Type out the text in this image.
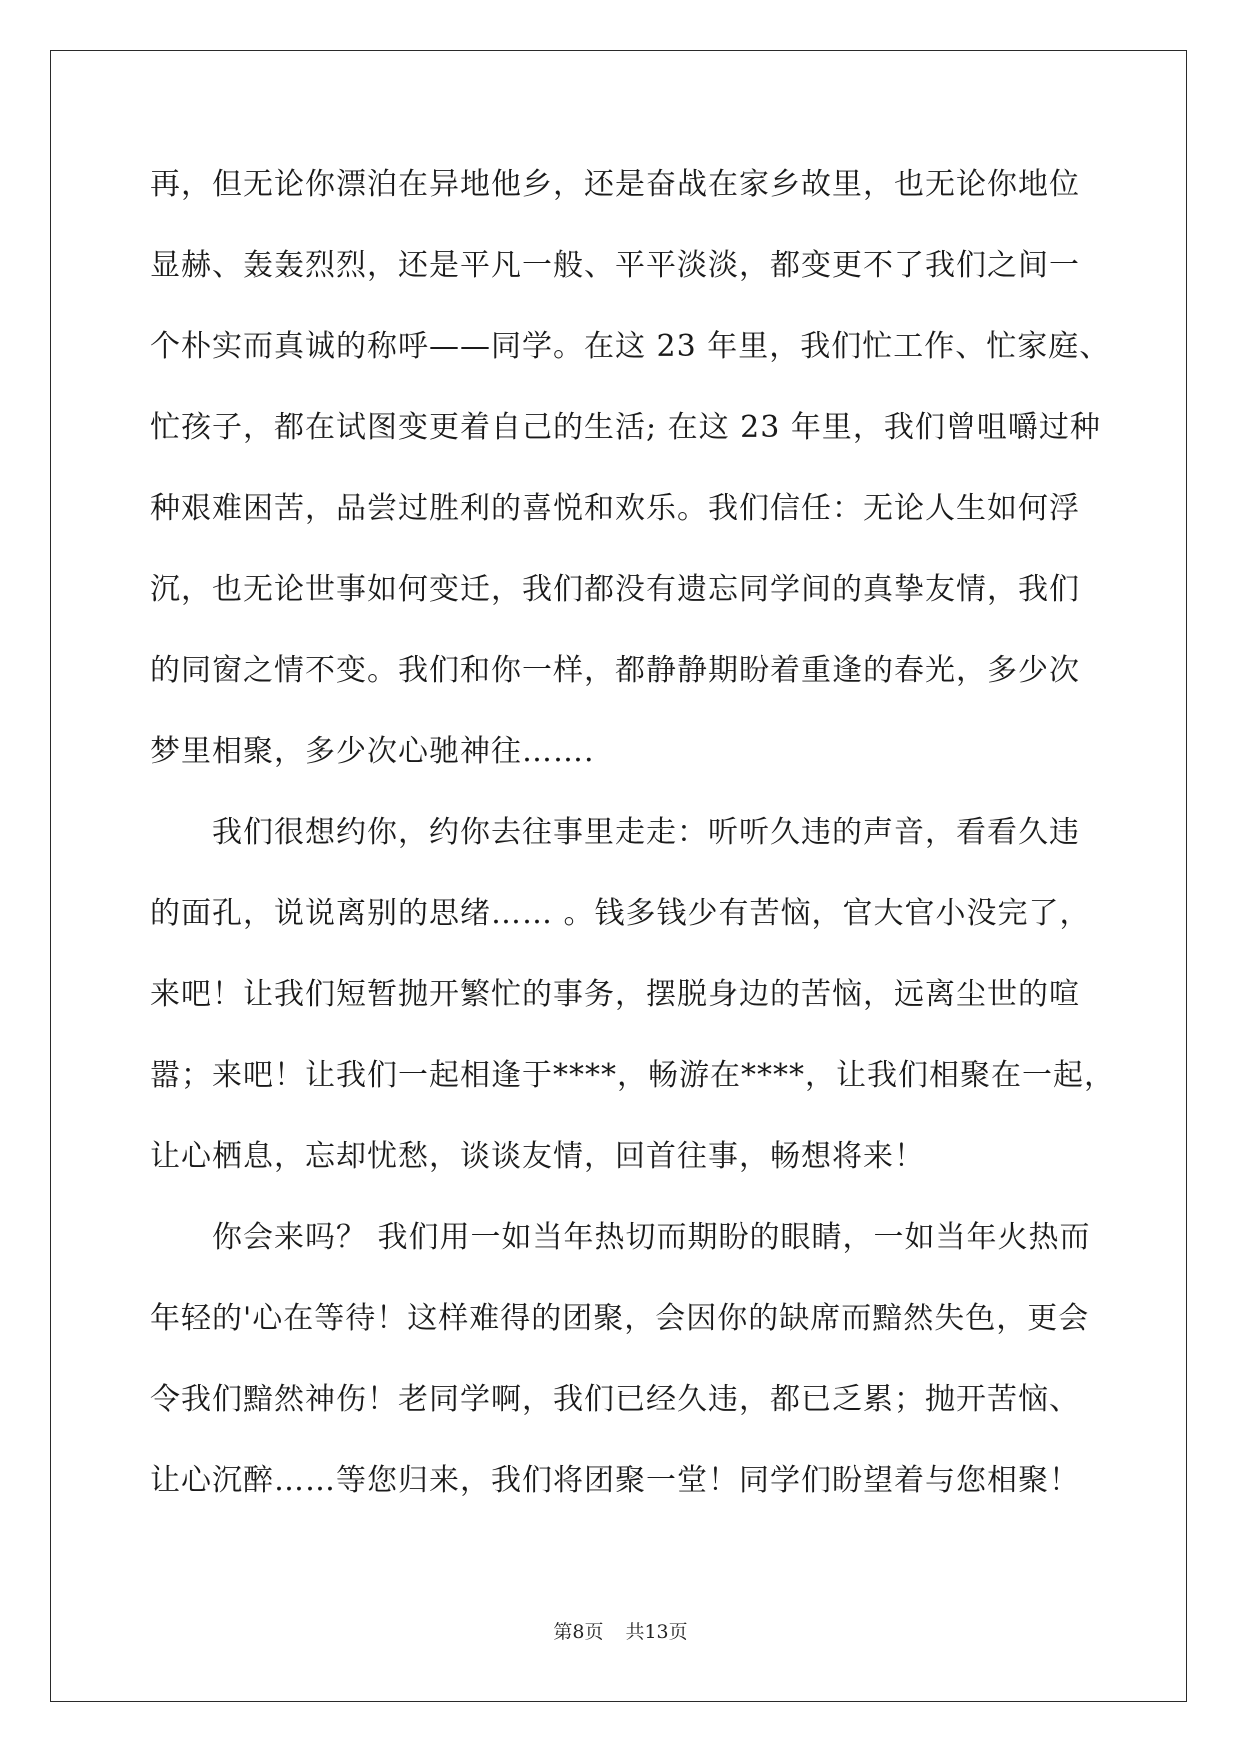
再，但无论你漂泊在异地他乡，还是奋战在家乡故里，也无论你地位
显赫、轰轰烈烈，还是平凡一般、平平淡淡，都变更不了我们之间一
个朴实而真诚的称呼——同学。在这 23 年里，我们忙工作、忙家庭、
忙孩子，都在试图变更着自己的生活; 在这 23 年里，我们曾咀嚼过种
种艰难困苦，品尝过胜利的喜悦和欢乐。我们信任：无论人生如何浮
沉，也无论世事如何变迁，我们都没有遗忘同学间的真挚友情，我们
的同窗之情不变。我们和你一样，都静静期盼着重逢的春光，多少次
梦里相聚，多少次心驰神往…….
我们很想约你，约你去往事里走走：听听久违的声音，看看久违
的面孔，说说离别的思绪…… 。钱多钱少有苦恼，官大官小没完了，
来吧！让我们短暂抛开繁忙的事务，摆脱身边的苦恼，远离尘世的喧
嚣；来吧！让我们一起相逢于****，畅游在****，让我们相聚在一起，
让心栖息，忘却忧愁，谈谈友情，回首往事，畅想将来！
你会来吗？ 我们用一如当年热切而期盼的眼睛，一如当年火热而
年轻的'心在等待！这样难得的团聚，会因你的缺席而黯然失色，更会
令我们黯然神伤！老同学啊，我们已经久违，都已乏累；抛开苦恼、
让心沉醉……等您归来，我们将团聚一堂！同学们盼望着与您相聚！
第8页 共13页
